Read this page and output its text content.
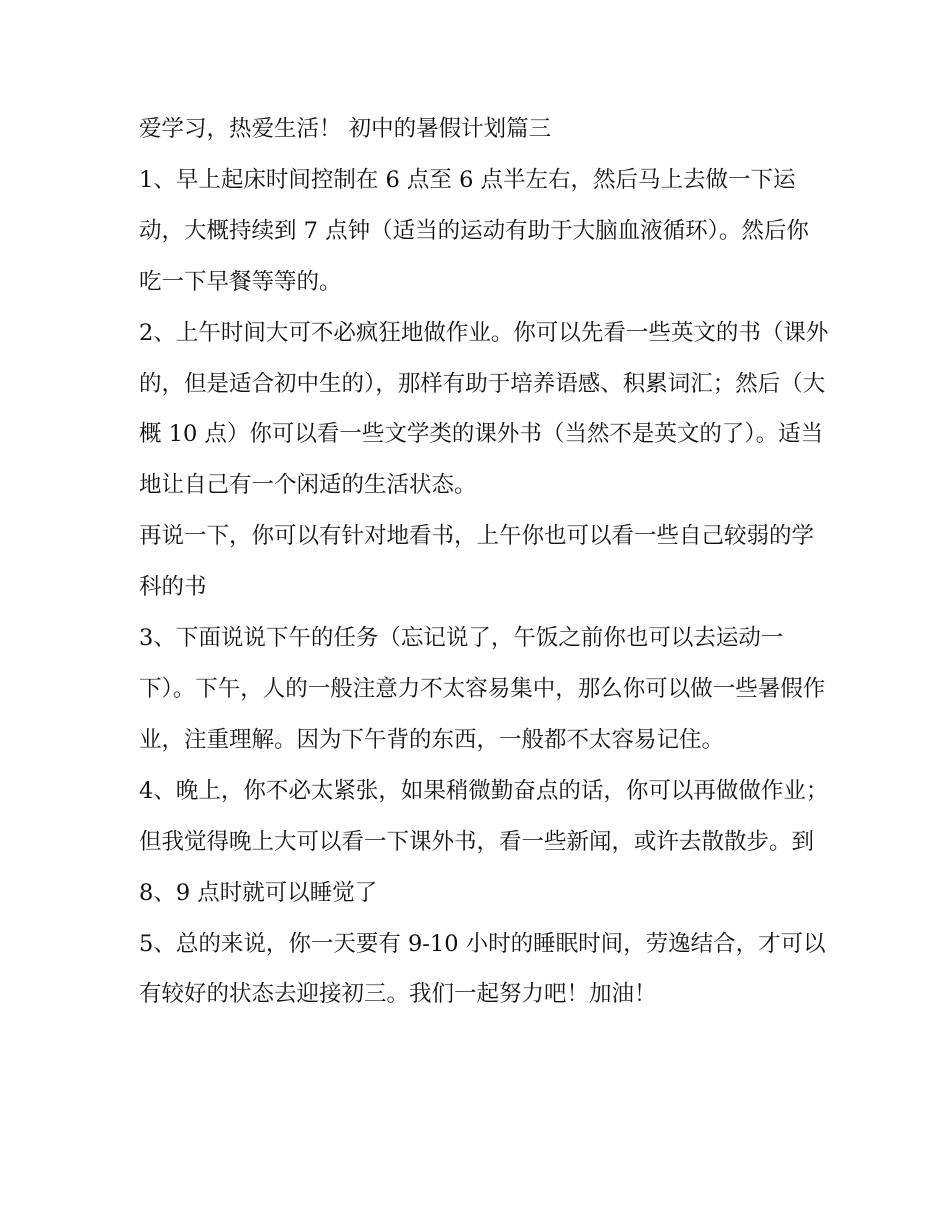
爱学习，热爱生活！ 初中的暑假计划篇三

1、早上起床时间控制在 6 点至 6 点半左右，然后马上去做一下运动，大概持续到 7 点钟（适当的运动有助于大脑血液循环）。然后你吃一下早餐等等的。

2、上午时间大可不必疯狂地做作业。你可以先看一些英文的书（课外的，但是适合初中生的），那样有助于培养语感、积累词汇；然后（大概 10 点）你可以看一些文学类的课外书（当然不是英文的了）。适当地让自己有一个闲适的生活状态。

再说一下，你可以有针对地看书，上午你也可以看一些自己较弱的学科的书

3、下面说说下午的任务（忘记说了，午饭之前你也可以去运动一下）。下午，人的一般注意力不太容易集中，那么你可以做一些暑假作业，注重理解。因为下午背的东西，一般都不太容易记住。

4、晚上，你不必太紧张，如果稍微勤奋点的话，你可以再做做作业；但我觉得晚上大可以看一下课外书，看一些新闻，或许去散散步。到 8、9 点时就可以睡觉了

5、总的来说，你一天要有 9-10 小时的睡眠时间，劳逸结合，才可以有较好的状态去迎接初三。我们一起努力吧！加油！
